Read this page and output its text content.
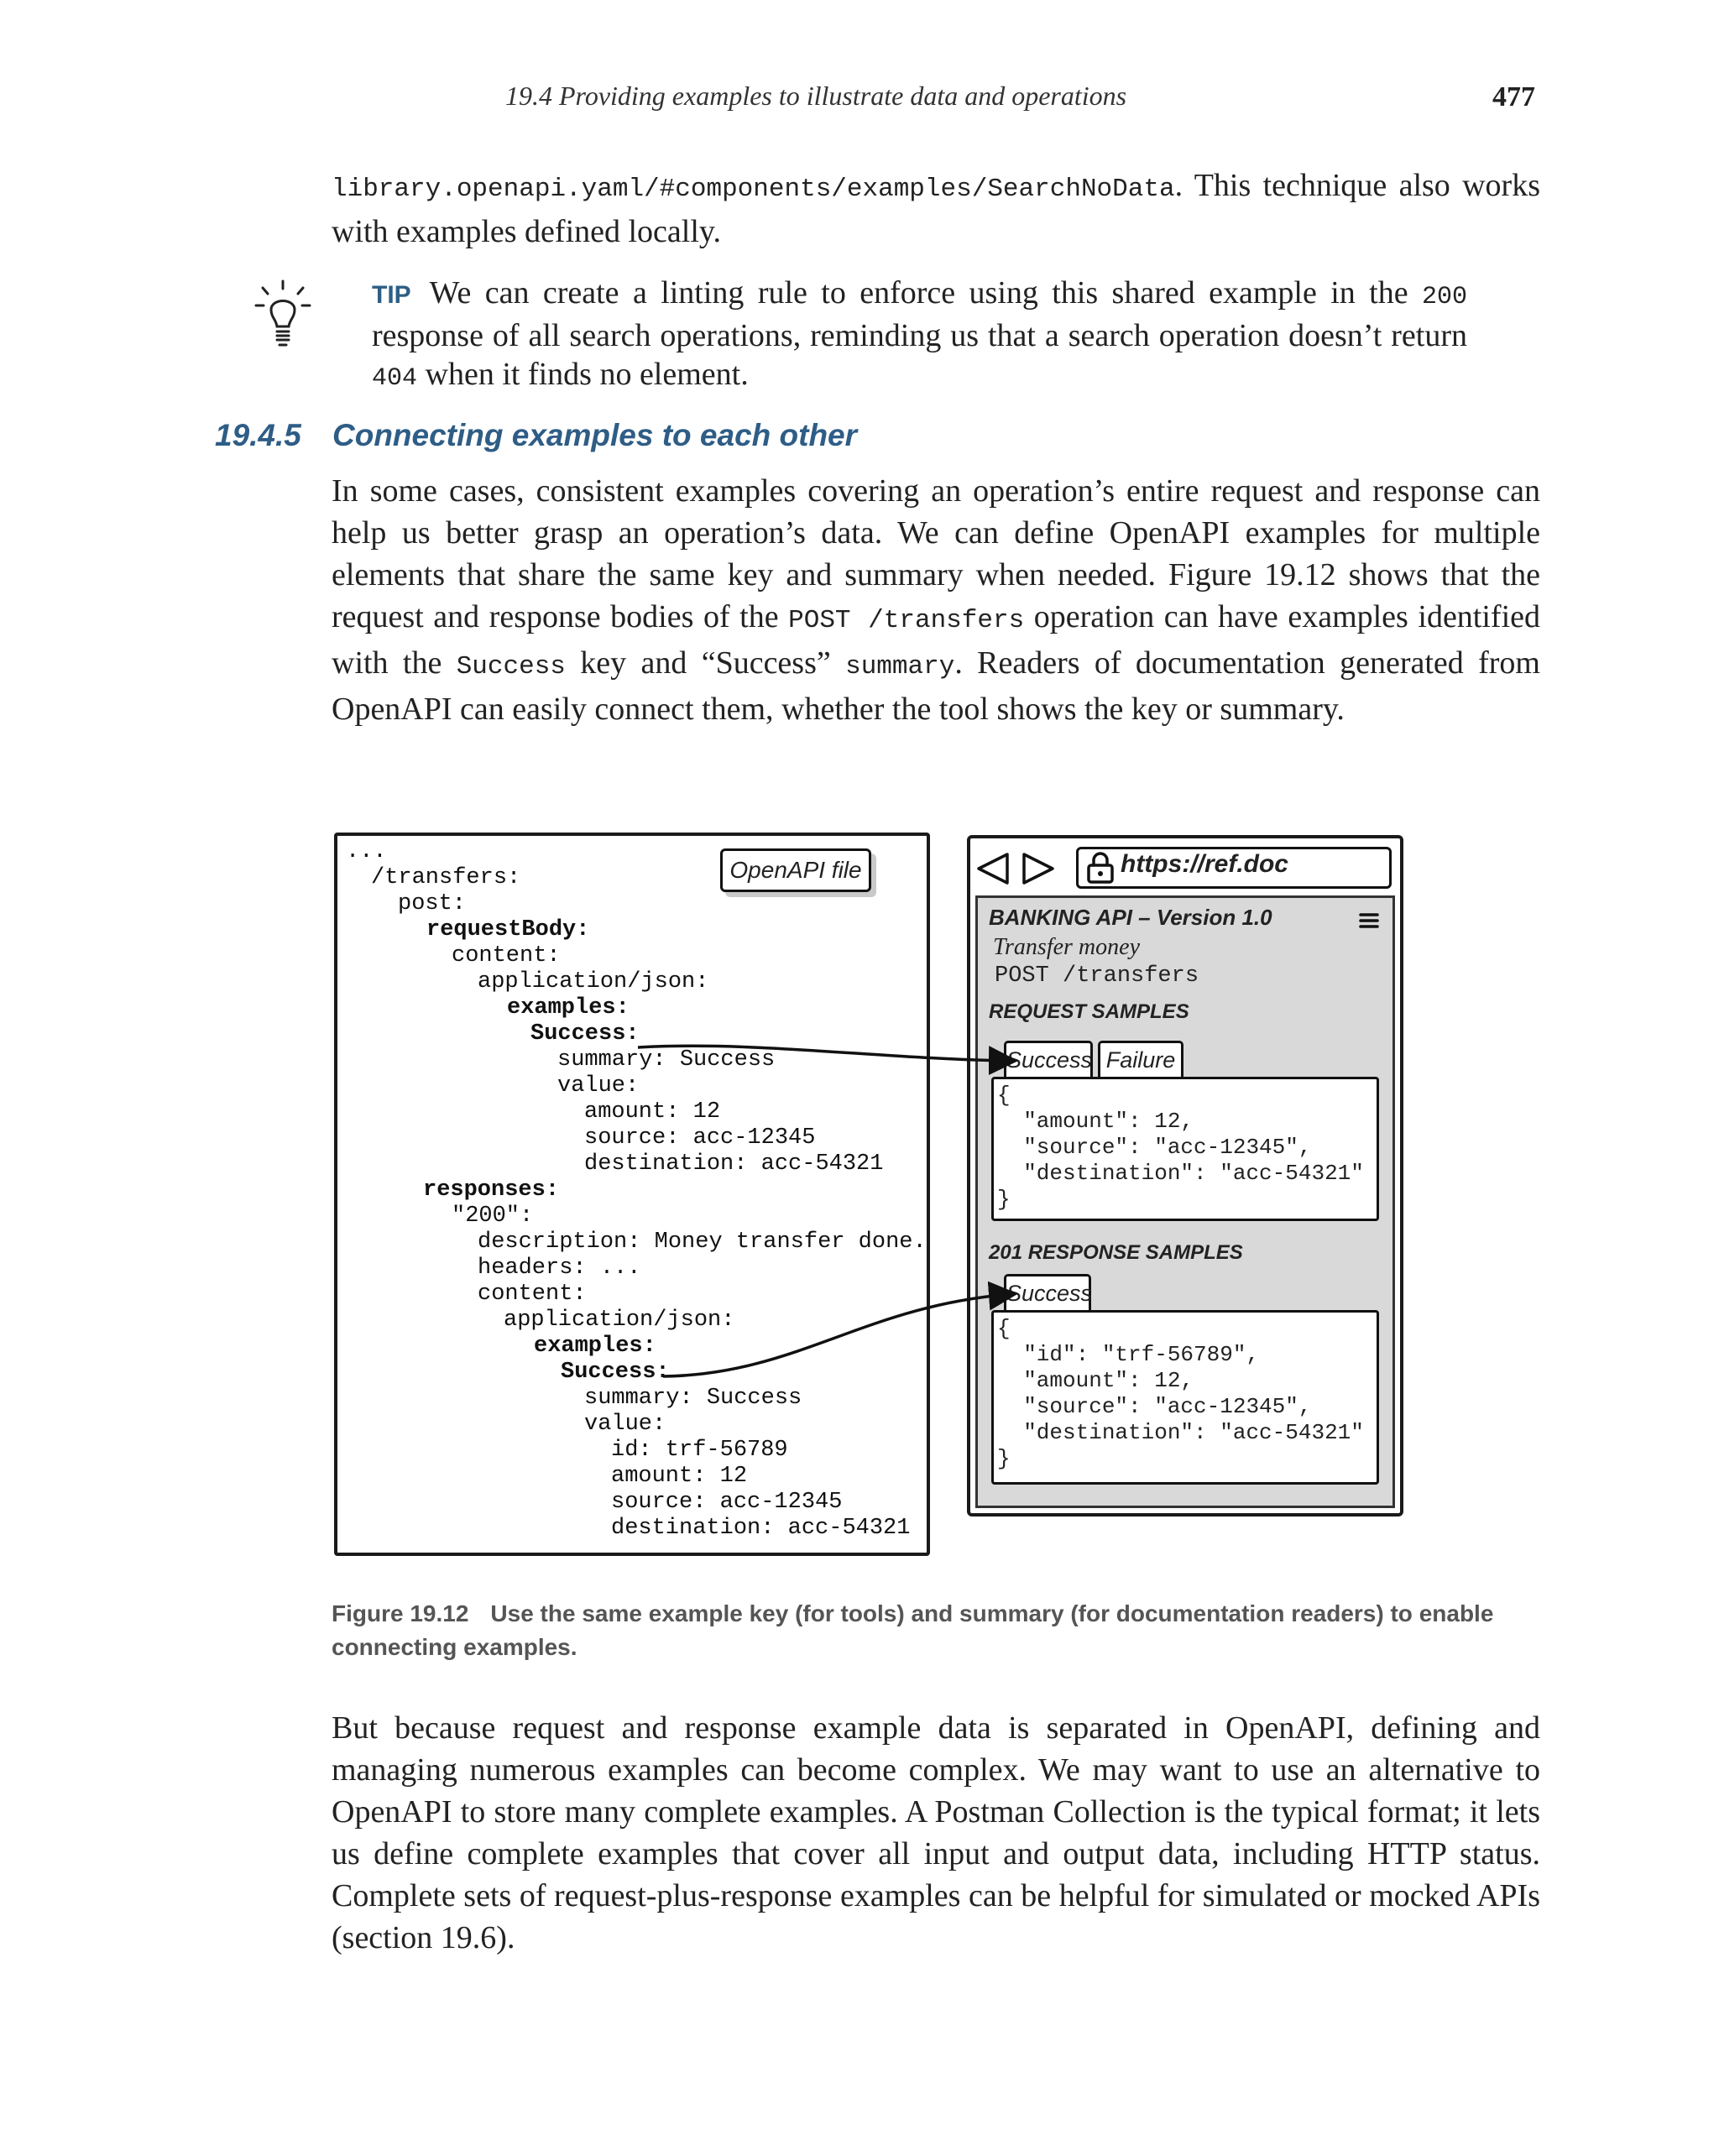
19.4 Providing examples to illustrate data and operations	477
library.openapi.yaml/#components/examples/SearchNoData. This technique also works with examples defined locally.
TIP We can create a linting rule to enforce using this shared example in the 200 response of all search operations, reminding us that a search operation doesn’t return 404 when it finds no element.
19.4.5 Connecting examples to each other
In some cases, consistent examples covering an operation’s entire request and response can help us better grasp an operation’s data. We can define OpenAPI examples for multiple elements that share the same key and summary when needed. Figure 19.12 shows that the request and response bodies of the POST /transfers operation can have examples identified with the Success key and “Success” summary. Readers of documentation generated from OpenAPI can easily connect them, whether the tool shows the key or summary.
OpenAPI file

...

/transfers:

post:

requestBody:

content:

application/json:

examples:

Success:

summary: Success

value:

amount: 12

source: acc-12345

destination: acc-54321

responses:

"200":

description: Money transfer done.

headers: ...

content:

application/json:

examples:

Success:

summary: Success

value:

id: trf-56789

amount: 12

source: acc-12345

destination: acc-54321

https://ref.doc
BANKING API – Version 1.0
Transfer money
POST /transfers
REQUEST SAMPLES
Success Failure
{
"amount": 12,
"source": "acc-12345",
"destination": "acc-54321"
}
201 RESPONSE SAMPLES
Success
{
"id": "trf-56789",
"amount": 12,
"source": "acc-12345",
"destination": "acc-54321"
}
Figure 19.12 Use the same example key (for tools) and summary (for documentation readers) to enable connecting examples.
But because request and response example data is separated in OpenAPI, defining and managing numerous examples can become complex. We may want to use an alternative to OpenAPI to store many complete examples. A Postman Collection is the typical format; it lets us define complete examples that cover all input and output data, including HTTP status. Complete sets of request-plus-response examples can be helpful for simulated or mocked APIs (section 19.6).
